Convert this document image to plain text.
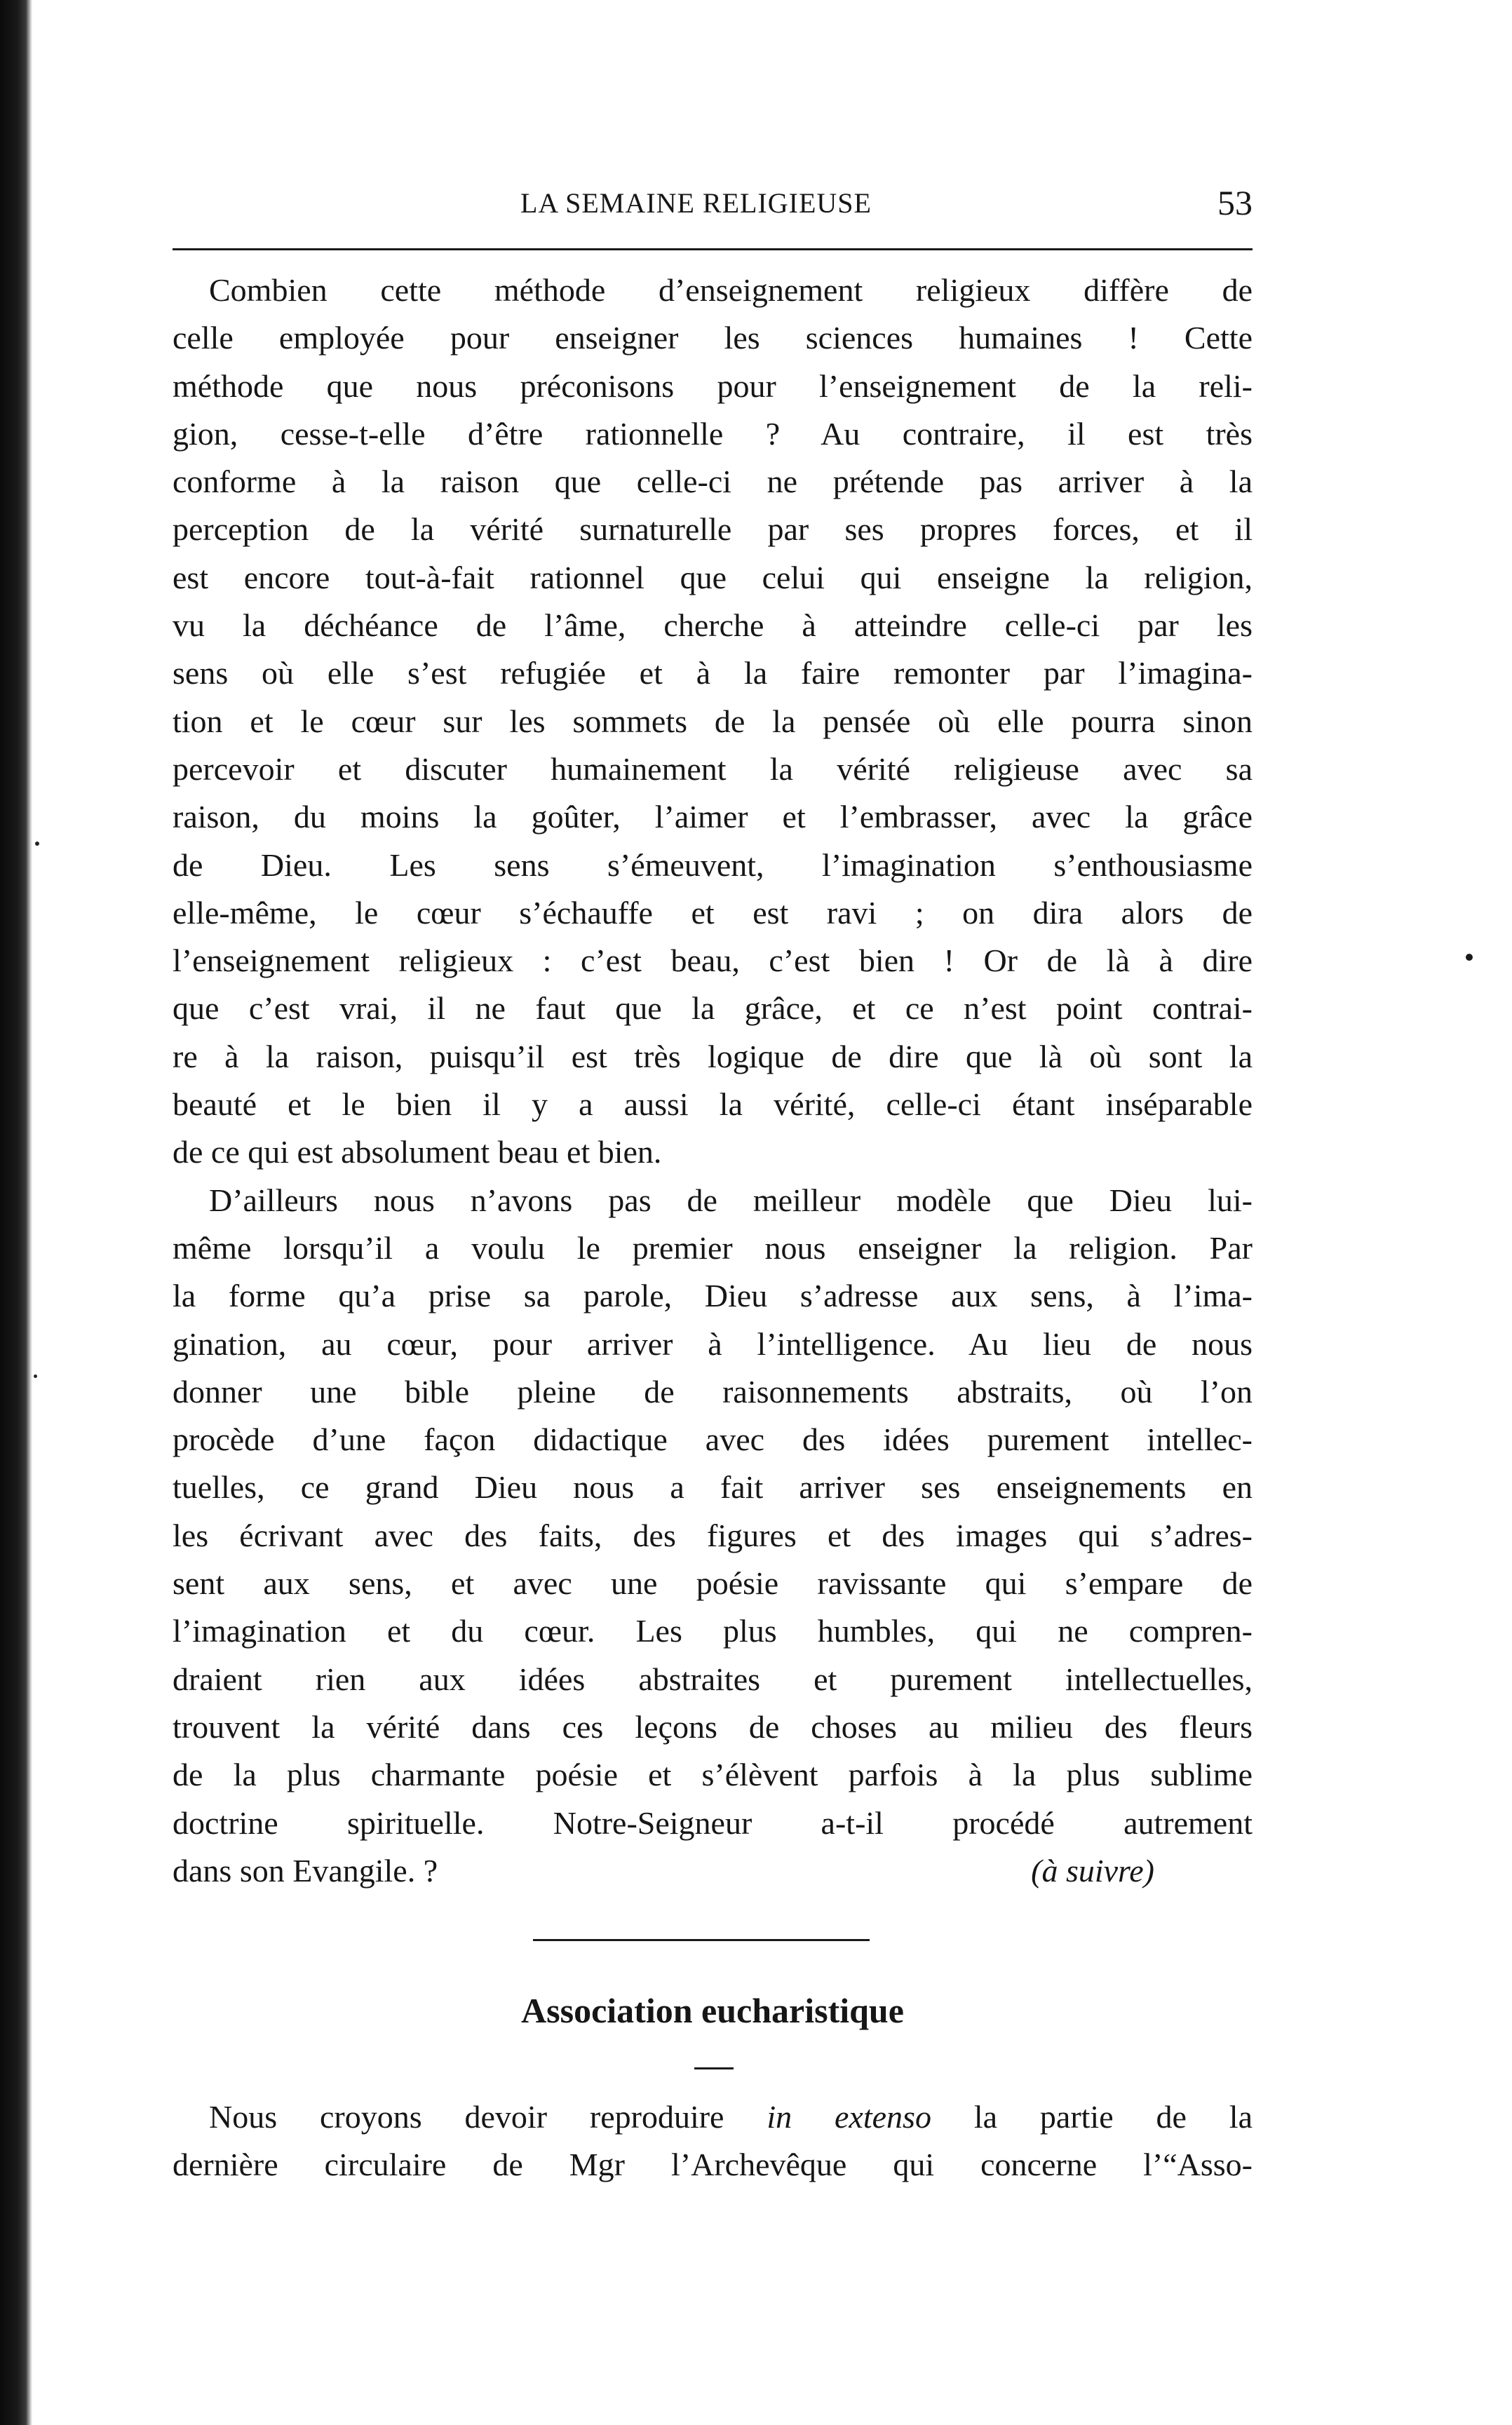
LA SEMAINE RELIGIEUSE	53
Combien cette méthode d’enseignement religieux diffère de
celle employée pour enseigner les sciences humaines ! Cette
méthode que nous préconisons pour l’enseignement de la reli-
gion, cesse-t-elle d’être rationnelle ? Au contraire, il est très
conforme à la raison que celle-ci ne prétende pas arriver à la
perception de la vérité surnaturelle par ses propres forces, et il
est encore tout-à-fait rationnel que celui qui enseigne la religion,
vu la déchéance de l’âme, cherche à atteindre celle-ci par les
sens où elle s’est refugiée et à la faire remonter par l’imagina-
tion et le cœur sur les sommets de la pensée où elle pourra sinon
percevoir et discuter humainement la vérité religieuse avec sa
raison, du moins la goûter, l’aimer et l’embrasser, avec la grâce
de Dieu. Les sens s’émeuvent, l’imagination s’enthousiasme
elle-même, le cœur s’échauffe et est ravi ; on dira alors de
l’enseignement religieux : c’est beau, c’est bien ! Or de là à dire
que c’est vrai, il ne faut que la grâce, et ce n’est point contrai-
re à la raison, puisqu’il est très logique de dire que là où sont la
beauté et le bien il y a aussi la vérité, celle-ci étant inséparable
de ce qui est absolument beau et bien.
D’ailleurs nous n’avons pas de meilleur modèle que Dieu lui-
même lorsqu’il a voulu le premier nous enseigner la religion. Par
la forme qu’a prise sa parole, Dieu s’adresse aux sens, à l’ima-
gination, au cœur, pour arriver à l’intelligence. Au lieu de nous
donner une bible pleine de raisonnements abstraits, où l’on
procède d’une façon didactique avec des idées purement intellec-
tuelles, ce grand Dieu nous a fait arriver ses enseignements en
les écrivant avec des faits, des figures et des images qui s’adres-
sent aux sens, et avec une poésie ravissante qui s’empare de
l’imagination et du cœur. Les plus humbles, qui ne compren-
draient rien aux idées abstraites et purement intellectuelles,
trouvent la vérité dans ces leçons de choses au milieu des fleurs
de la plus charmante poésie et s’élèvent parfois à la plus sublime
doctrine spirituelle. Notre-Seigneur a-t-il procédé autrement
dans son Evangile. ?	(à suivre)
Association eucharistique
Nous croyons devoir reproduire in extenso la partie de la
dernière circulaire de Mgr l’Archevêque qui concerne l’“Asso-
